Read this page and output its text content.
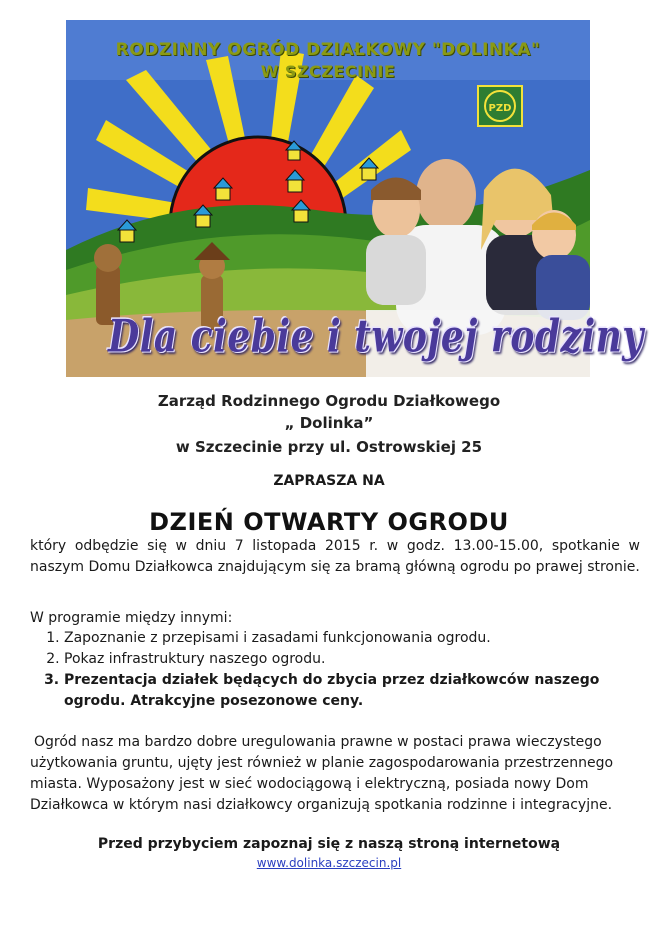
PZD
RODZINNY OGRÓD DZIAŁKOWY "DOLINKA"
W SZCZECINIE
Dla ciebie i twojej rodziny
Zarząd Rodzinnego Ogrodu Działkowego
„ Dolinka”
w Szczecinie przy ul. Ostrowskiej 25
ZAPRASZA NA
DZIEŃ OTWARTY OGRODU

który odbędzie się w dniu 7 listopada 2015 r. w godz. 13.00-15.00, spotkanie w naszym Domu Działkowca znajdującym się za bramą główną ogrodu po prawej stronie.

W programie między innymi:
1. Zapoznanie z przepisami i zasadami funkcjonowania ogrodu.
2. Pokaz infrastruktury naszego ogrodu.
3. Prezentacja działek będących do zbycia przez działkowców naszego ogrodu. Atrakcyjne posezonowe ceny.

Ogród nasz ma bardzo dobre uregulowania prawne w postaci prawa wieczystego użytkowania gruntu, ujęty jest również w planie zagospodarowania przestrzennego miasta. Wyposażony jest w sieć wodociągową i elektryczną, posiada nowy Dom Działkowca w którym nasi działkowcy organizują spotkania rodzinne i integracyjne.

Przed przybyciem zapoznaj się z naszą stroną internetową
www.dolinka.szczecin.pl
